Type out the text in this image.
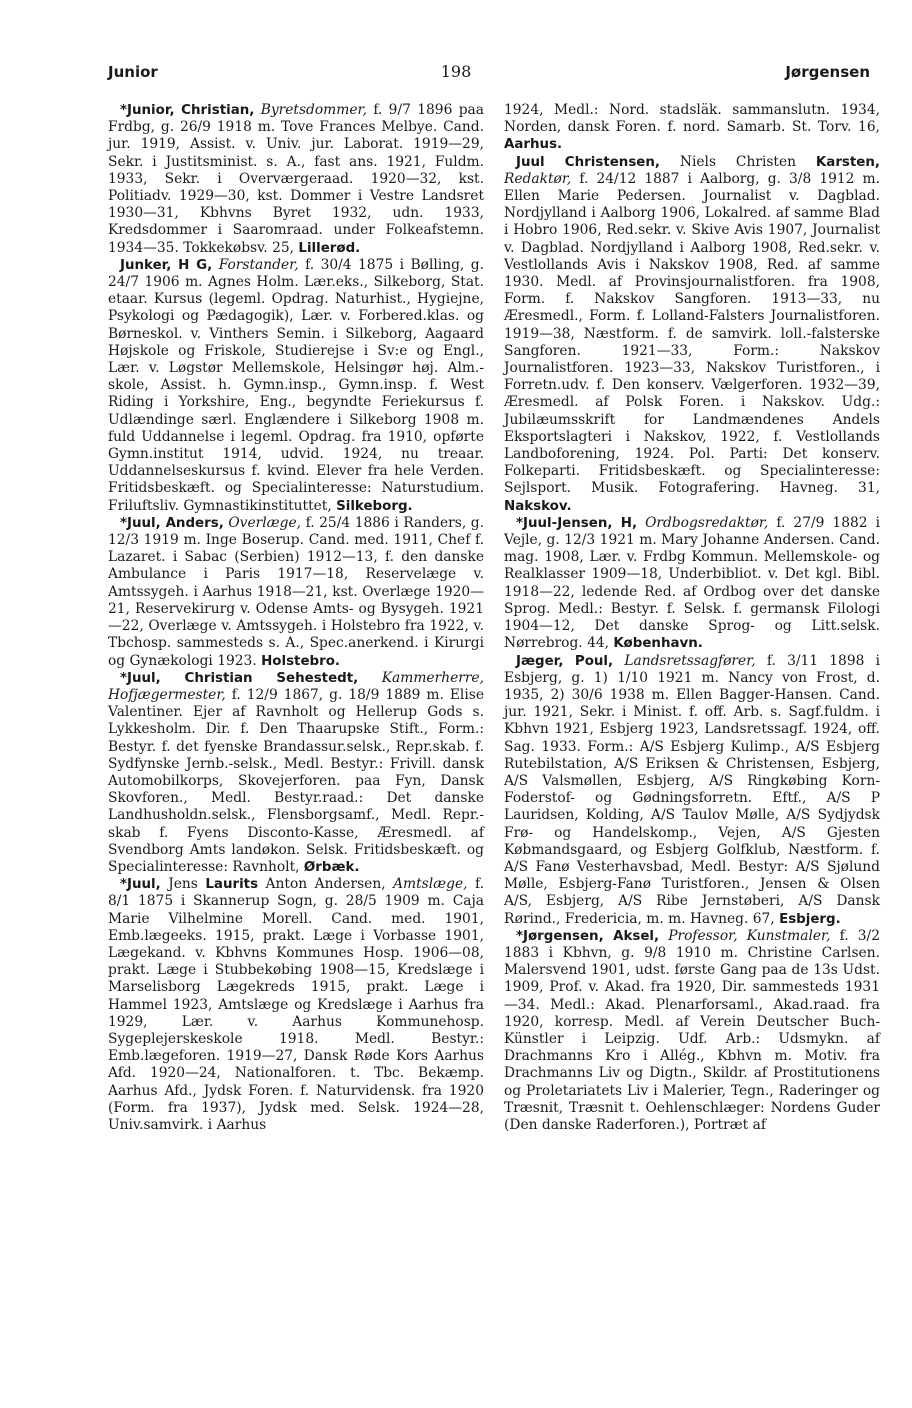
Junior	198	Jørgensen

*Junior, Christian, Byretsdommer, f. 9/7 1896 paa Frdbg, g. 26/9 1918 m. Tove Frances Melbye. Cand. jur. 1919, Assist. v. Univ. jur. Laborat. 1919—29, Sekr. i Justitsminist. s. A., fast ans. 1921, Fuldm. 1933, Sekr. i Overværgeraad. 1920—32, kst. Politiadv. 1929—30, kst. Dommer i Vestre Landsret 1930—31, Kbhvns Byret 1932, udn. 1933, Kredsdommer i Saaromraad. under Folkeafstemn. 1934—35. Tokkekøbsv. 25, Lillerød.

Junker, H G, Forstander, f. 30/4 1875 i Bølling, g. 24/7 1906 m. Agnes Holm. Lær.eks., Silkeborg, Stat. etaar. Kursus (legeml. Opdrag. Naturhist., Hygiejne, Psykologi og Pædagogik), Lær. v. Forbered.klas. og Børneskol. v. Vinthers Semin. i Silkeborg, Aagaard Højskole og Friskole, Studierejse i Sv:e og Engl., Lær. v. Løgstør Mellemskole, Helsingør høj. Alm.-skole, Assist. h. Gymn.insp., Gymn.insp. f. West Riding i Yorkshire, Eng., begyndte Feriekursus f. Udlændinge særl. Englændere i Silkeborg 1908 m. fuld Uddannelse i legeml. Opdrag. fra 1910, opførte Gymn.institut 1914, udvid. 1924, nu treaar. Uddannelseskursus f. kvind. Elever fra hele Verden. Fritidsbeskæft. og Specialinteresse: Naturstudium. Friluftsliv. Gymnastikinstituttet, Silkeborg.

*Juul, Anders, Overlæge, f. 25/4 1886 i Randers, g. 12/3 1919 m. Inge Boserup. Cand. med. 1911, Chef f. Lazaret. i Sabac (Serbien) 1912—13, f. den danske Ambulance i Paris 1917—18, Reservelæge v. Amtssygeh. i Aarhus 1918—21, kst. Overlæge 1920—21, Reservekirurg v. Odense Amts- og Bysygeh. 1921—22, Overlæge v. Amtssygeh. i Holstebro fra 1922, v. Tbchosp. sammesteds s. A., Spec.anerkend. i Kirurgi og Gynækologi 1923. Holstebro.

*Juul, Christian Sehestedt, Kammerherre, Hofjægermester, f. 12/9 1867, g. 18/9 1889 m. Elise Valentiner. Ejer af Ravnholt og Hellerup Gods s. Lykkesholm. Dir. f. Den Thaarupske Stift., Form.: Bestyr. f. det fyenske Brandassur.selsk., Repr.skab. f. Sydfynske Jernb.-selsk., Medl. Bestyr.: Frivill. dansk Automobilkorps, Skovejerforen. paa Fyn, Dansk Skovforen., Medl. Bestyr.raad.: Det danske Landhusholdn.selsk., Flensborgsamf., Medl. Repr.-skab f. Fyens Disconto-Kasse, Æresmedl. af Svendborg Amts landøkon. Selsk. Fritidsbeskæft. og Specialinteresse: Ravnholt, Ørbæk.

*Juul, Jens Laurits Anton Andersen, Amtslæge, f. 8/1 1875 i Skannerup Sogn, g. 28/5 1909 m. Caja Marie Vilhelmine Morell. Cand. med. 1901, Emb.lægeeks. 1915, prakt. Læge i Vorbasse 1901, Lægekand. v. Kbhvns Kommunes Hosp. 1906—08, prakt. Læge i Stubbekøbing 1908—15, Kredslæge i Marselisborg Lægekreds 1915, prakt. Læge i Hammel 1923, Amtslæge og Kredslæge i Aarhus fra 1929, Lær. v. Aarhus Kommunehosp. Sygeplejerskeskole 1918. Medl. Bestyr.: Emb.lægeforen. 1919—27, Dansk Røde Kors Aarhus Afd. 1920—24, Nationalforen. t. Tbc. Bekæmp. Aarhus Afd., Jydsk Foren. f. Naturvidensk. fra 1920 (Form. fra 1937), Jydsk med. Selsk. 1924—28, Univ.samvirk. i Aarhus

1924, Medl.: Nord. stadsläk. sammanslutn. 1934, Norden, dansk Foren. f. nord. Samarb. St. Torv. 16, Aarhus.

Juul Christensen, Niels Christen Karsten, Redaktør, f. 24/12 1887 i Aalborg, g. 3/8 1912 m. Ellen Marie Pedersen. Journalist v. Dagblad. Nordjylland i Aalborg 1906, Lokalred. af samme Blad i Hobro 1906, Red.sekr. v. Skive Avis 1907, Journalist v. Dagblad. Nordjylland i Aalborg 1908, Red.sekr. v. Vestlollands Avis i Nakskov 1908, Red. af samme 1930. Medl. af Provinsjournalistforen. fra 1908, Form. f. Nakskov Sangforen. 1913—33, nu Æresmedl., Form. f. Lolland-Falsters Journalistforen. 1919—38, Næstform. f. de samvirk. loll.-falsterske Sangforen. 1921—33, Form.: Nakskov Journalistforen. 1923—33, Nakskov Turistforen., i Forretn.udv. f. Den konserv. Vælgerforen. 1932—39, Æresmedl. af Polsk Foren. i Nakskov. Udg.: Jubilæumsskrift for Landmændenes Andels Eksportslagteri i Nakskov, 1922, f. Vestlollands Landboforening, 1924. Pol. Parti: Det konserv. Folkeparti. Fritidsbeskæft. og Specialinteresse: Sejlsport. Musik. Fotografering. Havneg. 31, Nakskov.

*Juul-Jensen, H, Ordbogsredaktør, f. 27/9 1882 i Vejle, g. 12/3 1921 m. Mary Johanne Andersen. Cand. mag. 1908, Lær. v. Frdbg Kommun. Mellemskole- og Realklasser 1909—18, Underbibliot. v. Det kgl. Bibl. 1918—22, ledende Red. af Ordbog over det danske Sprog. Medl.: Bestyr. f. Selsk. f. germansk Filologi 1904—12, Det danske Sprog- og Litt.selsk. Nørrebrog. 44, København.

Jæger, Poul, Landsretssagfører, f. 3/11 1898 i Esbjerg, g. 1) 1/10 1921 m. Nancy von Frost, d. 1935, 2) 30/6 1938 m. Ellen Bagger-Hansen. Cand. jur. 1921, Sekr. i Minist. f. off. Arb. s. Sagf.fuldm. i Kbhvn 1921, Esbjerg 1923, Landsretssagf. 1924, off. Sag. 1933. Form.: A/S Esbjerg Kulimp., A/S Esbjerg Rutebilstation, A/S Eriksen & Christensen, Esbjerg, A/S Valsmøllen, Esbjerg, A/S Ringkøbing Korn-Foderstof- og Gødningsforretn. Eftf., A/S P Lauridsen, Kolding, A/S Taulov Mølle, A/S Sydjydsk Frø- og Handelskomp., Vejen, A/S Gjesten Købmandsgaard, og Esbjerg Golfklub, Næstform. f. A/S Fanø Vesterhavsbad, Medl. Bestyr: A/S Sjølund Mølle, Esbjerg-Fanø Turistforen., Jensen & Olsen A/S, Esbjerg, A/S Ribe Jernstøberi, A/S Dansk Rørind., Fredericia, m. m. Havneg. 67, Esbjerg.

*Jørgensen, Aksel, Professor, Kunstmaler, f. 3/2 1883 i Kbhvn, g. 9/8 1910 m. Christine Carlsen. Malersvend 1901, udst. første Gang paa de 13s Udst. 1909, Prof. v. Akad. fra 1920, Dir. sammesteds 1931—34. Medl.: Akad. Plenarforsaml., Akad.raad. fra 1920, korresp. Medl. af Verein Deutscher Buch-Künstler i Leipzig. Udf. Arb.: Udsmykn. af Drachmanns Kro i Allég., Kbhvn m. Motiv. fra Drachmanns Liv og Digtn., Skildr. af Prostitutionens og Proletariatets Liv i Malerier, Tegn., Raderinger og Træsnit, Træsnit t. Oehlenschlæger: Nordens Guder (Den danske Raderforen.), Portræt af
